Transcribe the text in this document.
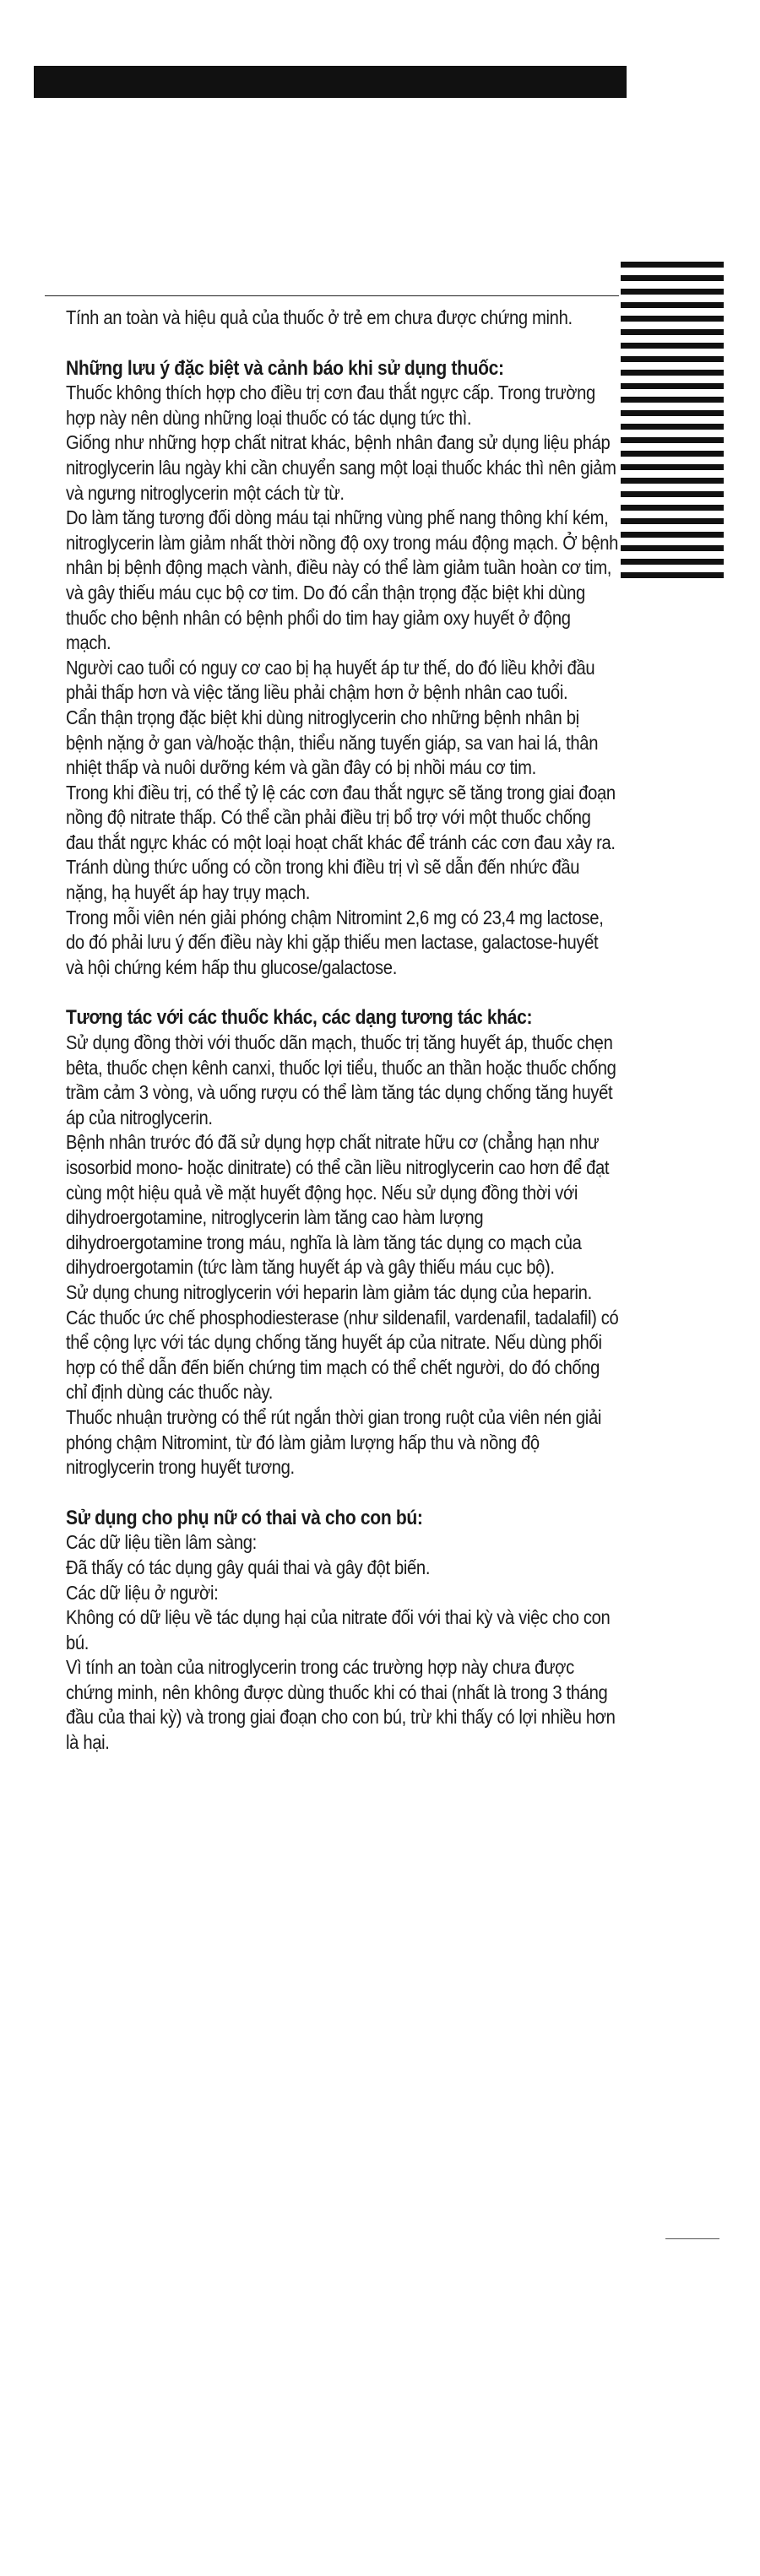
Tính an toàn và hiệu quả của thuốc ở trẻ em chưa được chứng minh.

Những lưu ý đặc biệt và cảnh báo khi sử dụng thuốc:

Thuốc không thích hợp cho điều trị cơn đau thắt ngực cấp. Trong trường hợp này nên dùng những loại thuốc có tác dụng tức thì.

Giống như những hợp chất nitrat khác, bệnh nhân đang sử dụng liệu pháp nitroglycerin lâu ngày khi cần chuyển sang một loại thuốc khác thì nên giảm và ngưng nitroglycerin một cách từ từ.

Do làm tăng tương đối dòng máu tại những vùng phế nang thông khí kém, nitroglycerin làm giảm nhất thời nồng độ oxy trong máu động mạch. Ở bệnh nhân bị bệnh động mạch vành, điều này có thể làm giảm tuần hoàn cơ tim, và gây thiếu máu cục bộ cơ tim. Do đó cẩn thận trọng đặc biệt khi dùng thuốc cho bệnh nhân có bệnh phổi do tim hay giảm oxy huyết ở động mạch.

Người cao tuổi có nguy cơ cao bị hạ huyết áp tư thế, do đó liều khởi đầu phải thấp hơn và việc tăng liều phải chậm hơn ở bệnh nhân cao tuổi.

Cẩn thận trọng đặc biệt khi dùng nitroglycerin cho những bệnh nhân bị bệnh nặng ở gan và/hoặc thận, thiểu năng tuyến giáp, sa van hai lá, thân nhiệt thấp và nuôi dưỡng kém và gần đây có bị nhồi máu cơ tim.

Trong khi điều trị, có thể tỷ lệ các cơn đau thắt ngực sẽ tăng trong giai đoạn nồng độ nitrate thấp. Có thể cần phải điều trị bổ trợ với một thuốc chống đau thắt ngực khác có một loại hoạt chất khác để tránh các cơn đau xảy ra.

Tránh dùng thức uống có cồn trong khi điều trị vì sẽ dẫn đến nhức đầu nặng, hạ huyết áp hay trụy mạch.

Trong mỗi viên nén giải phóng chậm Nitromint 2,6 mg có 23,4 mg lactose, do đó phải lưu ý đến điều này khi gặp thiếu men lactase, galactose-huyết và hội chứng kém hấp thu glucose/galactose.

Tương tác với các thuốc khác, các dạng tương tác khác:

Sử dụng đồng thời với thuốc dãn mạch, thuốc trị tăng huyết áp, thuốc chẹn bêta, thuốc chẹn kênh canxi, thuốc lợi tiểu, thuốc an thần hoặc thuốc chống trầm cảm 3 vòng, và uống rượu có thể làm tăng tác dụng chống tăng huyết áp của nitroglycerin.

Bệnh nhân trước đó đã sử dụng hợp chất nitrate hữu cơ (chẳng hạn như isosorbid mono- hoặc dinitrate) có thể cần liều nitroglycerin cao hơn để đạt cùng một hiệu quả về mặt huyết động học. Nếu sử dụng đồng thời với dihydroergotamine, nitroglycerin làm tăng cao hàm lượng dihydroergotamine trong máu, nghĩa là làm tăng tác dụng co mạch của dihydroergotamin (tức làm tăng huyết áp và gây thiếu máu cục bộ).

Sử dụng chung nitroglycerin với heparin làm giảm tác dụng của heparin.

Các thuốc ức chế phosphodiesterase (như sildenafil, vardenafil, tadalafil) có thể cộng lực với tác dụng chống tăng huyết áp của nitrate. Nếu dùng phối hợp có thể dẫn đến biến chứng tim mạch có thể chết người, do đó chống chỉ định dùng các thuốc này.

Thuốc nhuận trường có thể rút ngắn thời gian trong ruột của viên nén giải phóng chậm Nitromint, từ đó làm giảm lượng hấp thu và nồng độ nitroglycerin trong huyết tương.

Sử dụng cho phụ nữ có thai và cho con bú:

Các dữ liệu tiền lâm sàng:

Đã thấy có tác dụng gây quái thai và gây đột biến.

Các dữ liệu ở người:

Không có dữ liệu về tác dụng hại của nitrate đối với thai kỳ và việc cho con bú.

Vì tính an toàn của nitroglycerin trong các trường hợp này chưa được chứng minh, nên không được dùng thuốc khi có thai (nhất là trong 3 tháng đầu của thai kỳ) và trong giai đoạn cho con bú, trừ khi thấy có lợi nhiều hơn là hại.
